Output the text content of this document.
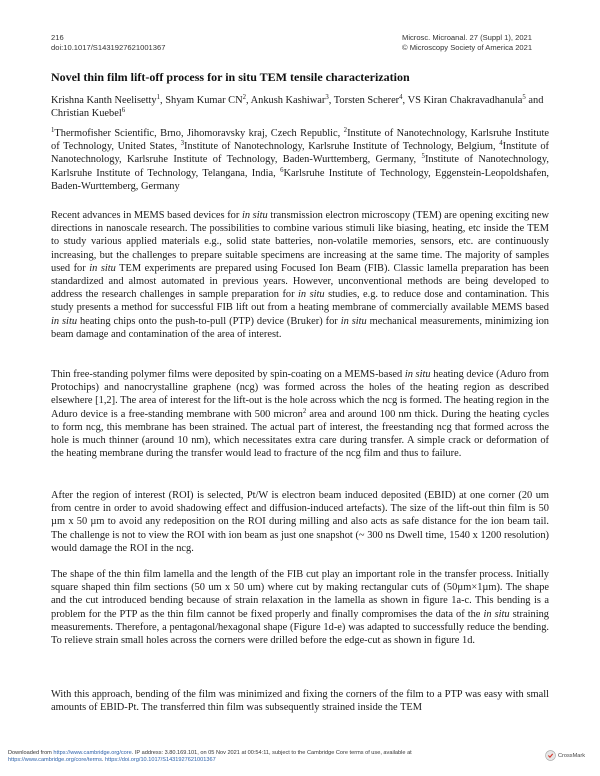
216
doi:10.1017/S1431927621001367
Microsc. Microanal. 27 (Suppl 1), 2021
© Microscopy Society of America 2021
Novel thin film lift-off process for in situ TEM tensile characterization

Krishna Kanth Neelisetty$^1$, Shyam Kumar $CN^2$, Ankush Kashiwar$^3$, Torsten Scherer$^4$, VS Kiran Chakravadhanula$^5$ and Christian Kuebel$^6$

$^1$Thermofisher Scientific, Brno, Jihomoravsky kraj, Czech Republic, $^2$Institute of Nanotechnology, Karlsruhe Institute of Technology, United States, $^3$Institute of Nanotechnology, Karlsruhe Institute of Technology, Belgium, $^4$Institute of Nanotechnology, Karlsruhe Institute of Technology, Baden-Wurttemberg, Germany, $^5$Institute of Nanotechnology, Karlsruhe Institute of Technology, Telangana, India, $^6$Karlsruhe Institute of Technology, Eggenstein-Leopoldshafen, Baden-Wurttemberg, Germany

Recent advances in MEMS based devices for in situ transmission electron microscopy (TEM) are opening exciting new directions in nanoscale research. The possibilities to combine various stimuli like biasing, heating, etc inside the TEM to study various applied materials e.g., solid state batteries, non-volatile memories, sensors, etc. are continuously increasing, but the challenges to prepare suitable specimens are increasing at the same time. The majority of samples used for in situ TEM experiments are prepared using Focused Ion Beam (FIB). Classic lamella preparation has been standardized and almost automated in previous years. However, unconventional methods are being developed to address the research challenges in sample preparation for in situ studies, e.g. to reduce dose and contamination. This study presents a method for successful FIB lift out from a heating membrane of commercially available MEMS based in situ heating chips onto the push-to-pull (PTP) device (Bruker) for in situ mechanical measurements, minimizing ion beam damage and contamination of the area of interest.

Thin free-standing polymer films were deposited by spin-coating on a MEMS-based in situ heating device (Aduro from Protochips) and nanocrystalline graphene (ncg) was formed across the holes of the heating region as described elsewhere [1,2]. The area of interest for the lift-out is the hole across which the ncg is formed. The heating region in the Aduro device is a free-standing membrane with 500 micron$^2$ area and around 100 nm thick. During the heating cycles to form ncg, this membrane has been strained. The actual part of interest, the freestanding ncg that formed across the hole is much thinner (around 10 nm), which necessitates extra care during transfer. A simple crack or deformation of the heating membrane during the transfer would lead to fracture of the ncg film and thus to failure.

After the region of interest (ROI) is selected, Pt/W is electron beam induced deposited (EBID) at one corner (20 um from centre in order to avoid shadowing effect and diffusion-induced artefacts). The size of the lift-out thin film is 50 µm x 50 µm to avoid any redeposition on the ROI during milling and also acts as safe distance for the ion beam tail. The challenge is not to view the ROI with ion beam as just one snapshot (~ 300 ns Dwell time, 1540 x 1200 resolution) would damage the ROI in the ncg.

The shape of the thin film lamella and the length of the FIB cut play an important role in the transfer process. Initially square shaped thin film sections (50 um x 50 um) where cut by making rectangular cuts of (50µm×1µm). The shape and the cut introduced bending because of strain relaxation in the lamella as shown in figure 1a-c. This bending is a problem for the PTP as the thin film cannot be fixed properly and finally compromises the data of the in situ straining measurements. Therefore, a pentagonal/hexagonal shape (Figure 1d-e) was adapted to successfully reduce the bending. To relieve strain small holes across the corners were drilled before the edge-cut as shown in figure 1d.

With this approach, bending of the film was minimized and fixing the corners of the film to a PTP was easy with small amounts of EBID-Pt. The transferred thin film was subsequently strained inside the TEM

Downloaded from https://www.cambridge.org/core. IP address: 3.80.169.101, on 05 Nov 2021 at 00:54:11, subject to the Cambridge Core terms of use, available at
https://www.cambridge.org/core/terms. https://doi.org/10.1017/S1431927621001367
CrossMark
